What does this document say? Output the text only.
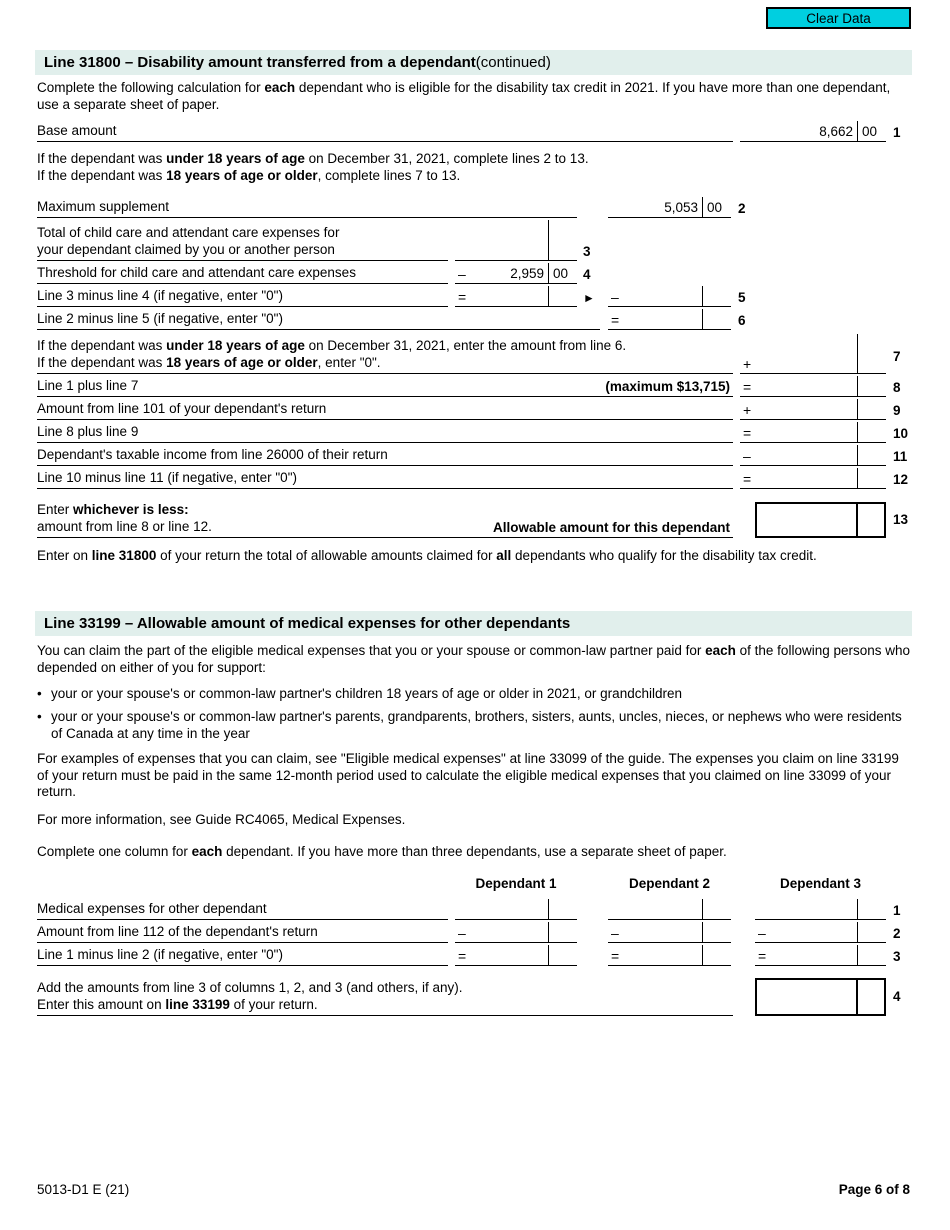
Clear Data
Line 31800 – Disability amount transferred from a dependant (continued)
Complete the following calculation for each dependant who is eligible for the disability tax credit in 2021. If you have more than one dependant, use a separate sheet of paper.
Base amount	8,662 00 1
If the dependant was under 18 years of age on December 31, 2021, complete lines 2 to 13.
If the dependant was 18 years of age or older, complete lines 7 to 13.
Maximum supplement	5,053 00 2
Total of child care and attendant care expenses for
your dependant claimed by you or another person	3
Threshold for child care and attendant care expenses	–	2,959 00 4
Line 3 minus line 4 (if negative, enter "0")	=	► –	5
Line 2 minus line 5 (if negative, enter "0")	=	6
If the dependant was under 18 years of age on December 31, 2021, enter the amount from line 6.
If the dependant was 18 years of age or older, enter "0".	+	7
Line 1 plus line 7	(maximum $13,715) =	8
Amount from line 101 of your dependant's return	+	9
Line 8 plus line 9	=	10
Dependant's taxable income from line 26000 of their return	–	11
Line 10 minus line 11 (if negative, enter "0")	=	12
Enter whichever is less:
amount from line 8 or line 12.	Allowable amount for this dependant
13
Enter on line 31800 of your return the total of allowable amounts claimed for all dependants who qualify for the disability tax credit.
Line 33199 – Allowable amount of medical expenses for other dependants
You can claim the part of the eligible medical expenses that you or your spouse or common-law partner paid for each of the following persons who depended on either of you for support:
• your or your spouse's or common-law partner's children 18 years of age or older in 2021, or grandchildren
• your or your spouse's or common-law partner's parents, grandparents, brothers, sisters, aunts, uncles, nieces, or nephews who were residents of Canada at any time in the year
For examples of expenses that you can claim, see "Eligible medical expenses" at line 33099 of the guide. The expenses you claim on line 33199 of your return must be paid in the same 12-month period used to calculate the eligible medical expenses that you claimed on line 33099 of your return.
For more information, see Guide RC4065, Medical Expenses.
Complete one column for each dependant. If you have more than three dependants, use a separate sheet of paper.
Dependant 1	Dependant 2	Dependant 3
Medical expenses for other dependant	1
Amount from line 112 of the dependant's return	–	–	–	2
Line 1 minus line 2 (if negative, enter "0")	=	=	=	3
Add the amounts from line 3 of columns 1, 2, and 3 (and others, if any).
Enter this amount on line 33199 of your return.	4
5013-D1 E (21)	Page 6 of 8
